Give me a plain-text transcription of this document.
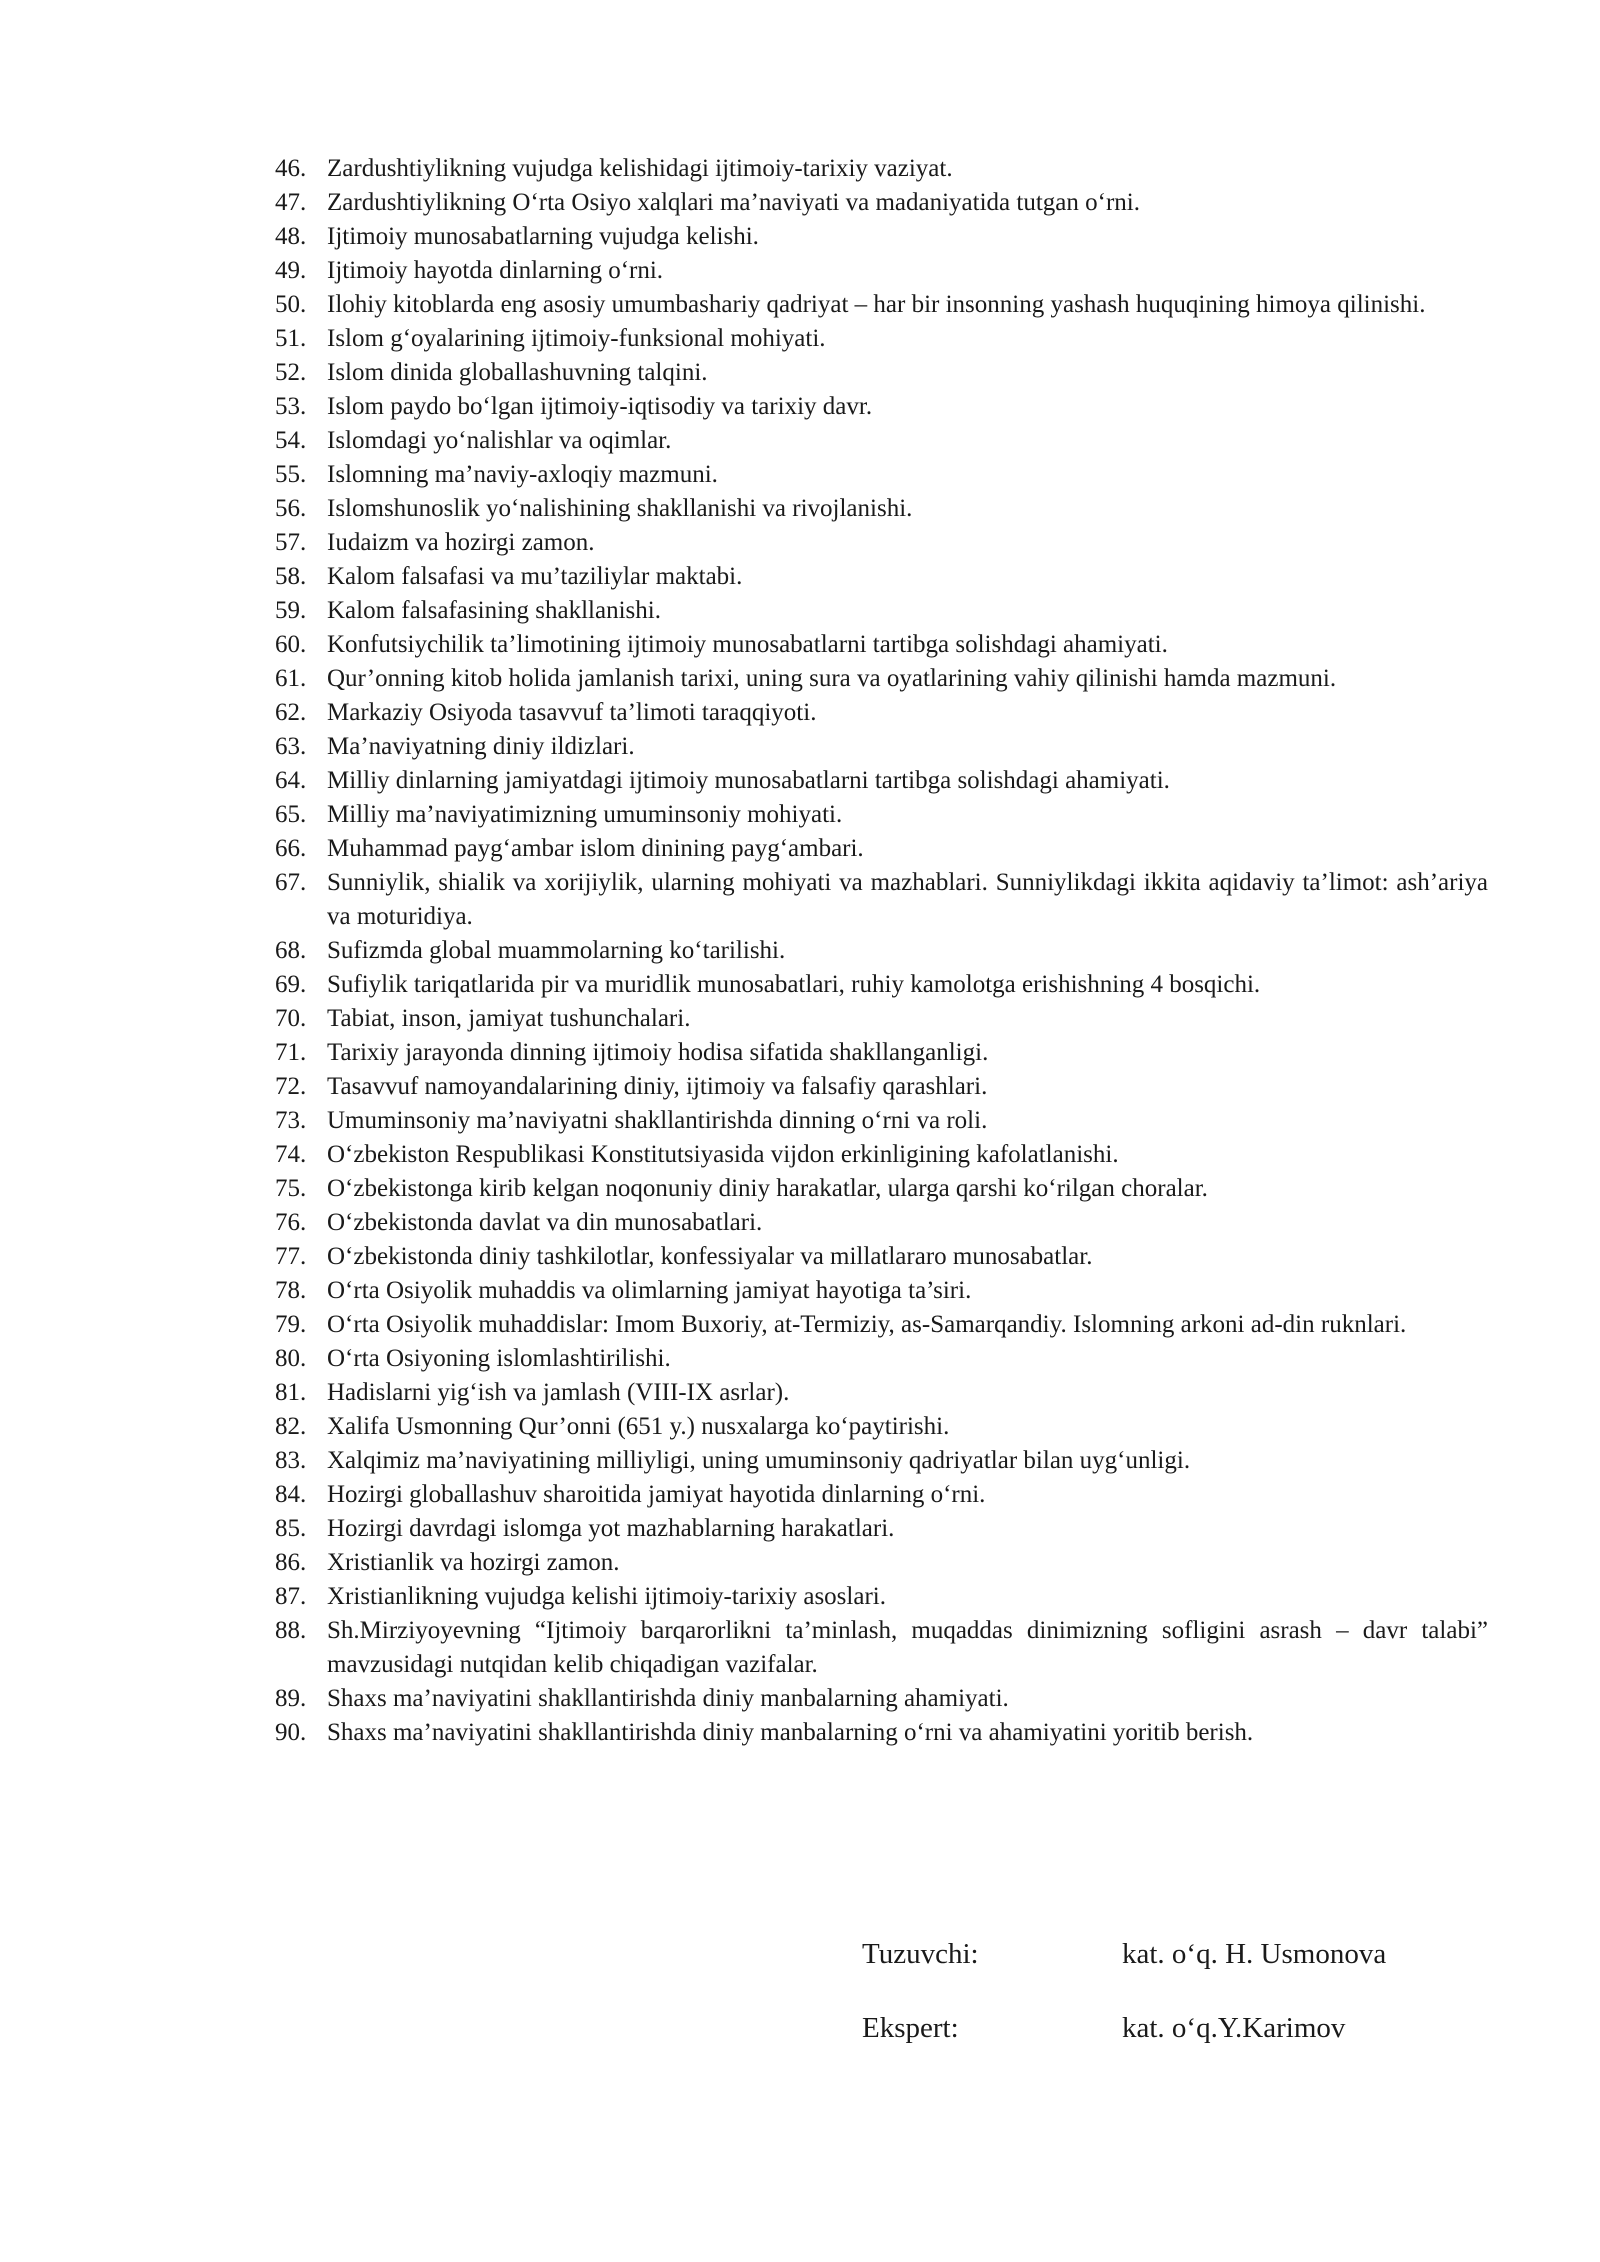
46. Zardushtiylikning vujudga kelishidagi ijtimoiy-tarixiy vaziyat.
47. Zardushtiylikning O‘rta Osiyo xalqlari ma’naviyati va madaniyatida tutgan o‘rni.
48. Ijtimoiy munosabatlarning vujudga kelishi.
49. Ijtimoiy hayotda dinlarning o‘rni.
50. Ilohiy kitoblarda eng asosiy umumbashariy qadriyat – har bir insonning yashash huquqining himoya qilinishi.
51. Islom g‘oyalarining ijtimoiy-funksional mohiyati.
52. Islom dinida globallashuvning talqini.
53. Islom paydo bo‘lgan ijtimoiy-iqtisodiy va tarixiy davr.
54. Islomdagi yo‘nalishlar va oqimlar.
55. Islomning ma’naviy-axloqiy mazmuni.
56. Islomshunoslik yo‘nalishining shakllanishi va rivojlanishi.
57. Iudaizm va hozirgi zamon.
58. Kalom falsafasi va mu’taziliylar maktabi.
59. Kalom falsafasining shakllanishi.
60. Konfutsiychilik ta’limotining ijtimoiy munosabatlarni tartibga solishdagi ahamiyati.
61. Qur’onning kitob holida jamlanish tarixi, uning sura va oyatlarining vahiy qilinishi hamda mazmuni.
62. Markaziy Osiyoda tasavvuf ta’limoti taraqqiyoti.
63. Ma’naviyatning diniy ildizlari.
64. Milliy dinlarning jamiyatdagi ijtimoiy munosabatlarni tartibga solishdagi ahamiyati.
65. Milliy ma’naviyatimizning umuminsoniy mohiyati.
66. Muhammad payg‘ambar islom dinining payg‘ambari.
67. Sunniylik, shialik va xorijiylik, ularning mohiyati va mazhablari. Sunniylikdagi ikkita aqidaviy ta’limot: ash’ariya va moturidiya.
68. Sufizmda global muammolarning ko‘tarilishi.
69. Sufiylik tariqatlarida pir va muridlik munosabatlari, ruhiy kamolotga erishishning 4 bosqichi.
70. Tabiat, inson, jamiyat tushunchalari.
71. Tarixiy jarayonda dinning ijtimoiy hodisa sifatida shakllanganligi.
72. Tasavvuf namoyandalarining diniy, ijtimoiy va falsafiy qarashlari.
73. Umuminsoniy ma’naviyatni shakllantirishda dinning o‘rni va roli.
74. O‘zbekiston Respublikasi Konstitutsiyasida vijdon erkinligining kafolatlanishi.
75. O‘zbekistonga kirib kelgan noqonuniy diniy harakatlar, ularga qarshi ko‘rilgan choralar.
76. O‘zbekistonda davlat va din munosabatlari.
77. O‘zbekistonda diniy tashkilotlar, konfessiyalar va millatlararo munosabatlar.
78. O‘rta Osiyolik muhaddis va olimlarning jamiyat hayotiga ta’siri.
79. O‘rta Osiyolik muhaddislar: Imom Buxoriy, at-Termiziy, as-Samarqandiy. Islomning arkoni ad-din ruknlari.
80. O‘rta Osiyoning islomlashtirilishi.
81. Hadislarni yig‘ish va jamlash (VIII-IX asrlar).
82. Xalifa Usmonning Qur’onni (651 y.) nusxalarga ko‘paytirishi.
83. Xalqimiz ma’naviyatining milliyligi, uning umuminsoniy qadriyatlar bilan uyg‘unligi.
84. Hozirgi globallashuv sharoitida jamiyat hayotida dinlarning o‘rni.
85. Hozirgi davrdagi islomga yot mazhablarning harakatlari.
86. Xristianlik va hozirgi zamon.
87. Xristianlikning vujudga kelishi ijtimoiy-tarixiy asoslari.
88. Sh.Mirziyoyevning “Ijtimoiy barqarorlikni ta’minlash, muqaddas dinimizning sofligini asrash – davr talabi” mavzusidagi nutqidan kelib chiqadigan vazifalar.
89. Shaxs ma’naviyatini shakllantirishda diniy manbalarning ahamiyati.
90. Shaxs ma’naviyatini shakllantirishda diniy manbalarning o‘rni va ahamiyatini yoritib berish.
Tuzuvchi:	kat. o‘q. H. Usmonova
Ekspert:	kat. o‘q.Y.Karimov
